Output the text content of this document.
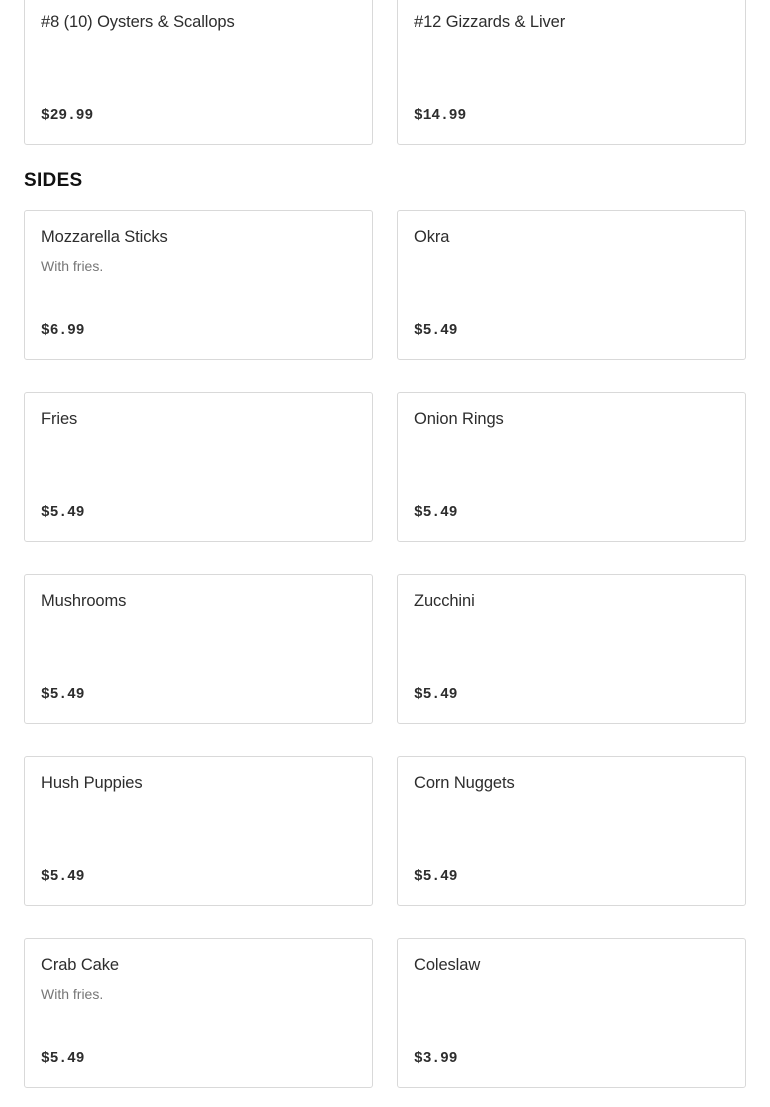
#8 (10) Oysters & Scallops
$29.99
#12 Gizzards & Liver
$14.99
SIDES
Mozzarella Sticks
With fries.
$6.99
Okra
$5.49
Fries
$5.49
Onion Rings
$5.49
Mushrooms
$5.49
Zucchini
$5.49
Hush Puppies
$5.49
Corn Nuggets
$5.49
Crab Cake
With fries.
$5.49
Coleslaw
$3.99
